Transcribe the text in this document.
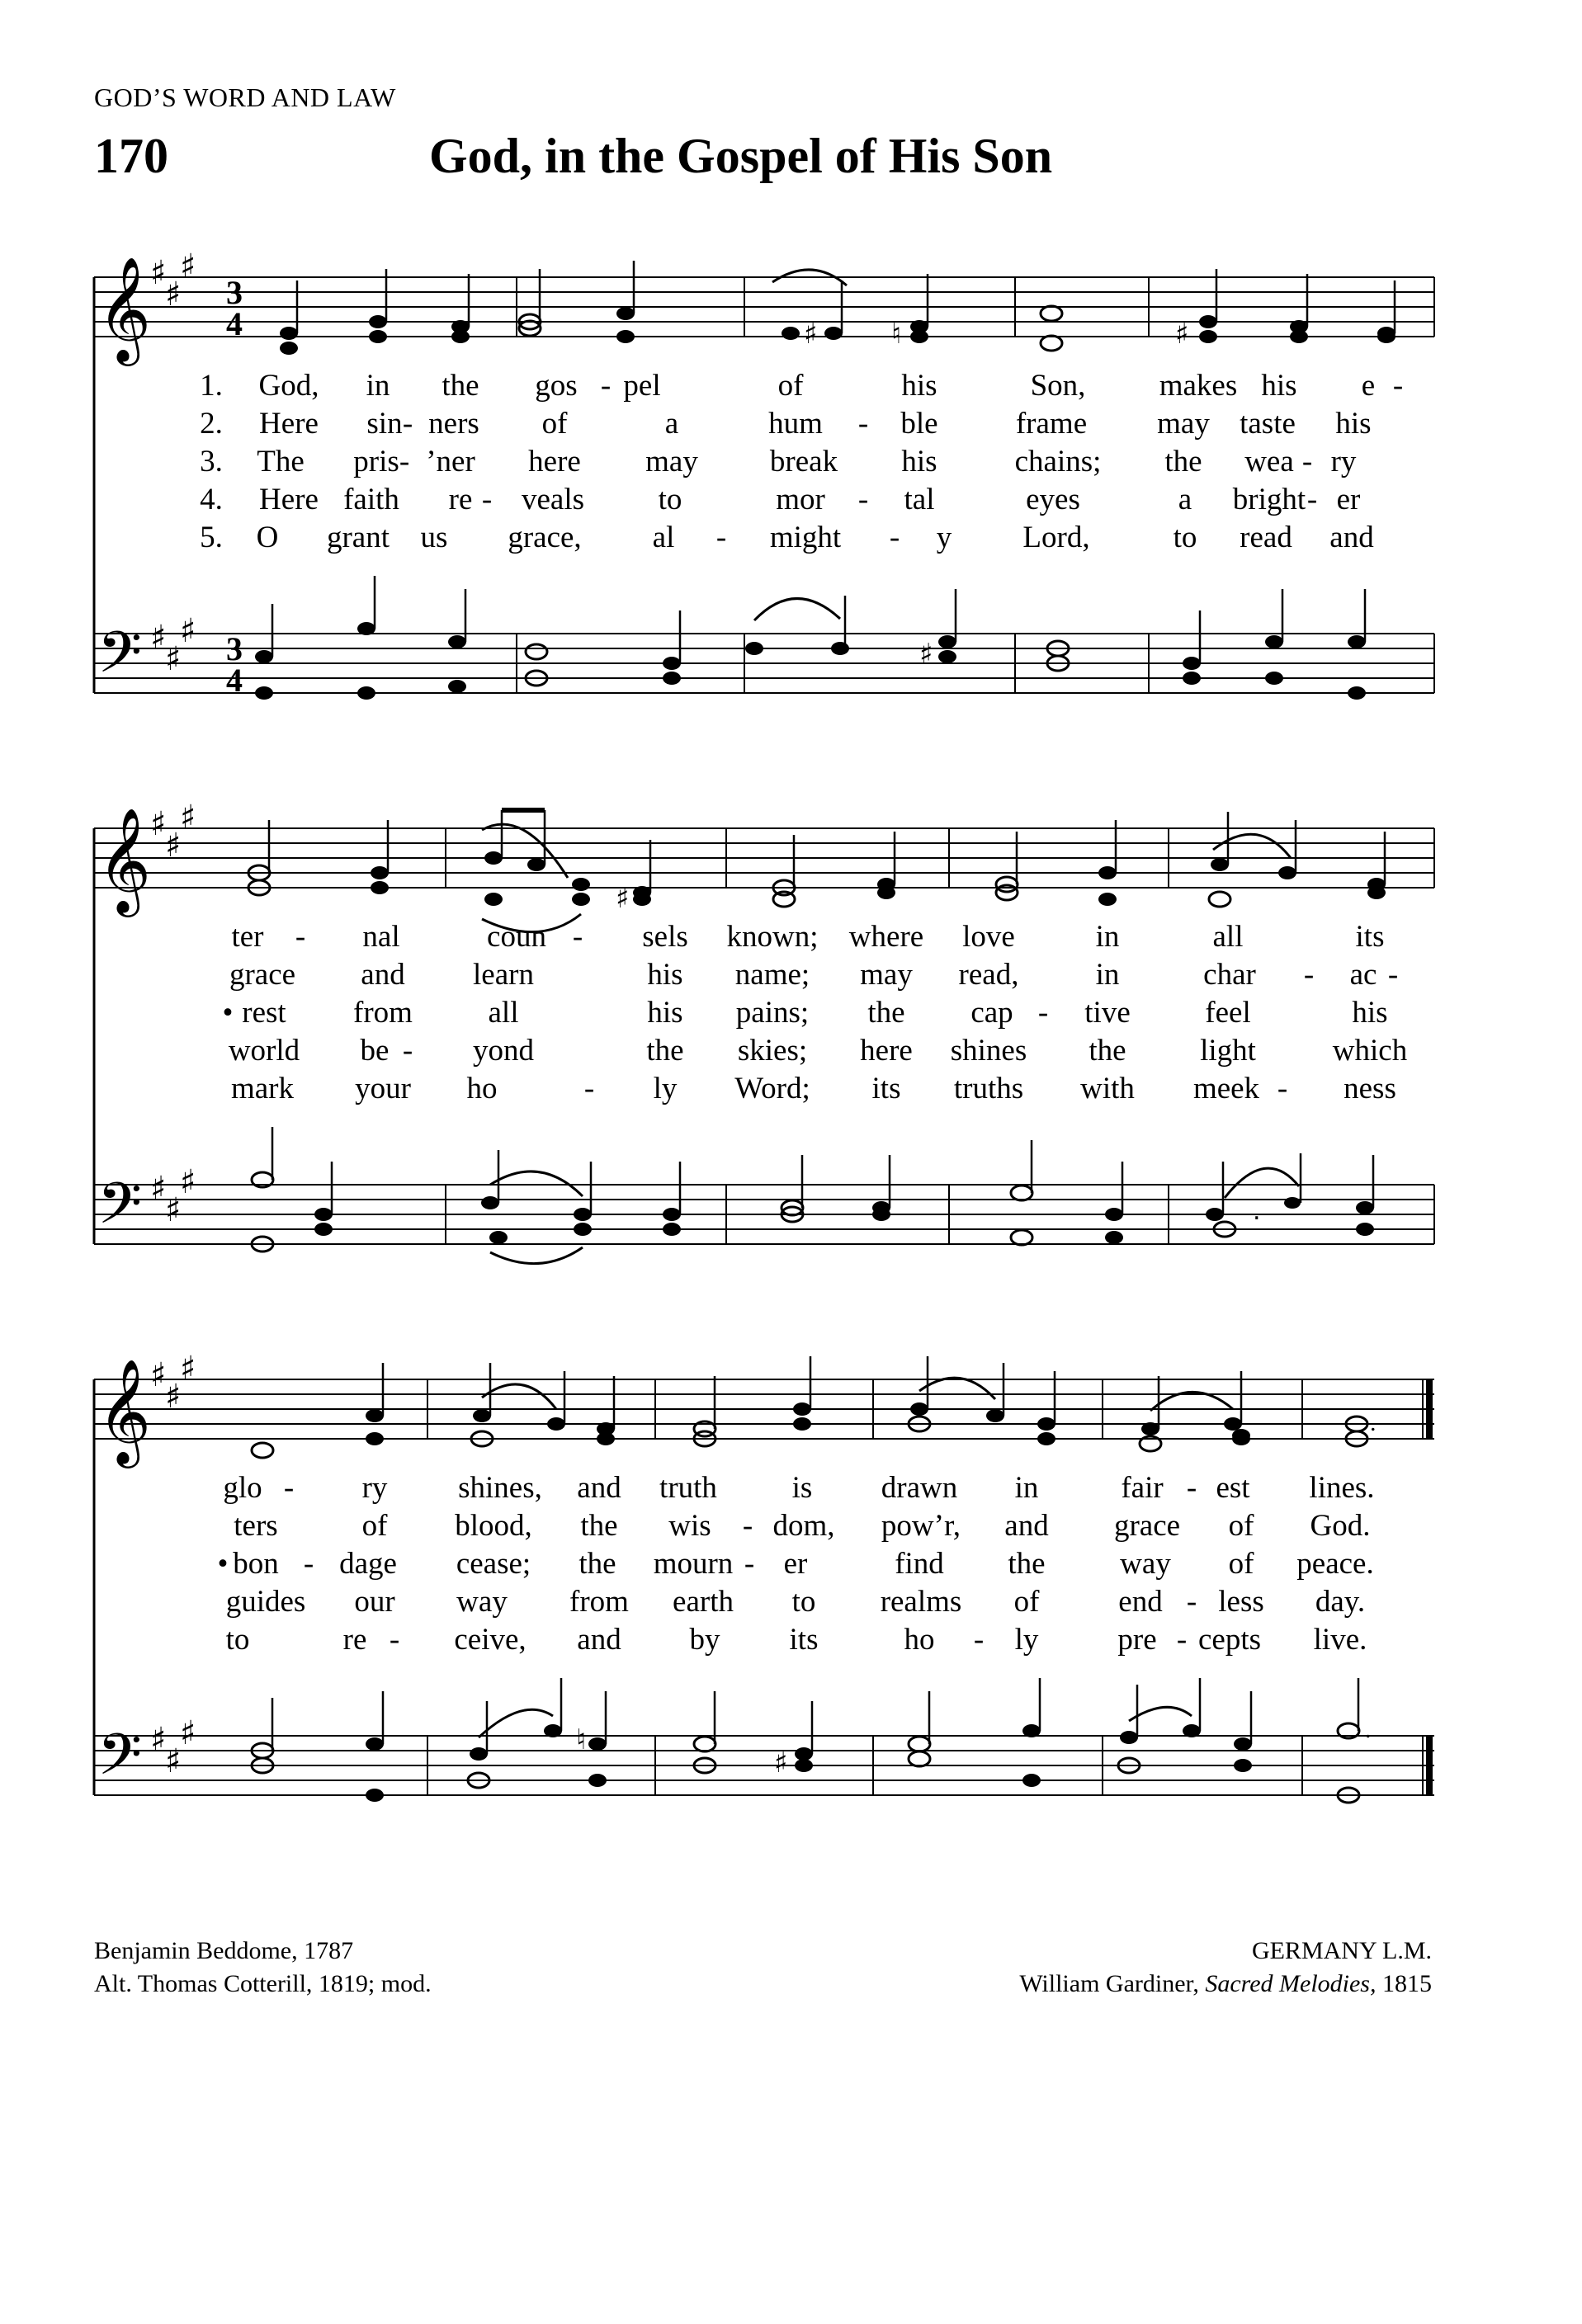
GOD’S WORD AND LAW
170	God, in the Gospel of His Son
𝄞
𝄢
♯
♯
♯
♯
♯
♯
3
4
3
4
♯	♮	♯
♯
1. God, in the gos - pel	of	his	Son, makes his e -
2. Here sin - ners of	a	hum - ble	frame may taste his
3. The pris - ’ner here may break his	chains; the wea - ry
4. Here faith re - veals to	mor - tal	eyes	a bright - er
5. O grant us grace, al - might - y Lord,	to read and
𝄞
𝄢
♯
♯
♯
♯
♯
♯
♯
.
ter - nal	coun - sels known; where love	in	all	its
grace and learn	his name; may read,	in	char - ac -
• rest from all	his pains; the cap - tive feel	his
world be - yond	the skies; here shines the light	which
mark your ho	- ly Word; its truths with meek - ness
𝄞
𝄢
♯
♯
♯
♯
♯
♯	♮
♯
.
.
glo - ry shines, and truth is drawn in	fair - est lines.
ters	of blood, the wis - dom, pow’r, and grace of God.
• bon - dage cease; the mourn - er	find the way of peace.
guides our way from earth to realms of	end - less day.
to	re - ceive, and by its	ho - ly	pre - cepts live.
Benjamin Beddome, 1787
Alt. Thomas Cotterill, 1819; mod.
GERMANY L.M.
William Gardiner, Sacred Melodies, 1815
